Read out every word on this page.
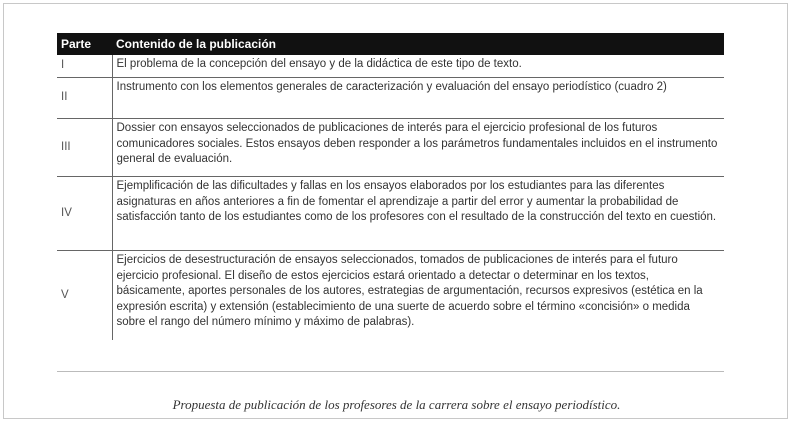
Parte	Contenido de la publicación
I	El problema de la concepción del ensayo y de la didáctica de este tipo de texto.
II	Instrumento con los elementos generales de caracterización y evaluación del ensayo periodístico (cuadro 2)
III	Dossier con ensayos seleccionados de publicaciones de interés para el ejercicio profesional de los futuros comunicadores sociales. Estos ensayos deben responder a los parámetros fundamentales incluidos en el instrumento general de evaluación.
IV	Ejemplificación de las dificultades y fallas en los ensayos elaborados por los estudiantes para las diferentes asignaturas en años anteriores a fin de fomentar el aprendizaje a partir del error y aumentar la probabilidad de satisfacción tanto de los estudiantes como de los profesores con el resultado de la construcción del texto en cuestión.
V	Ejercicios de desestructuración de ensayos seleccionados, tomados de publicaciones de interés para el futuro ejercicio profesional. El diseño de estos ejercicios estará orientado a detectar o determinar en los textos, básicamente, aportes personales de los autores, estrategias de argumentación, recursos expresivos (estética en la expresión escrita) y extensión (establecimiento de una suerte de acuerdo sobre el término «concisión» o medida sobre el rango del número mínimo y máximo de palabras).
Propuesta de publicación de los profesores de la carrera sobre el ensayo periodístico.
